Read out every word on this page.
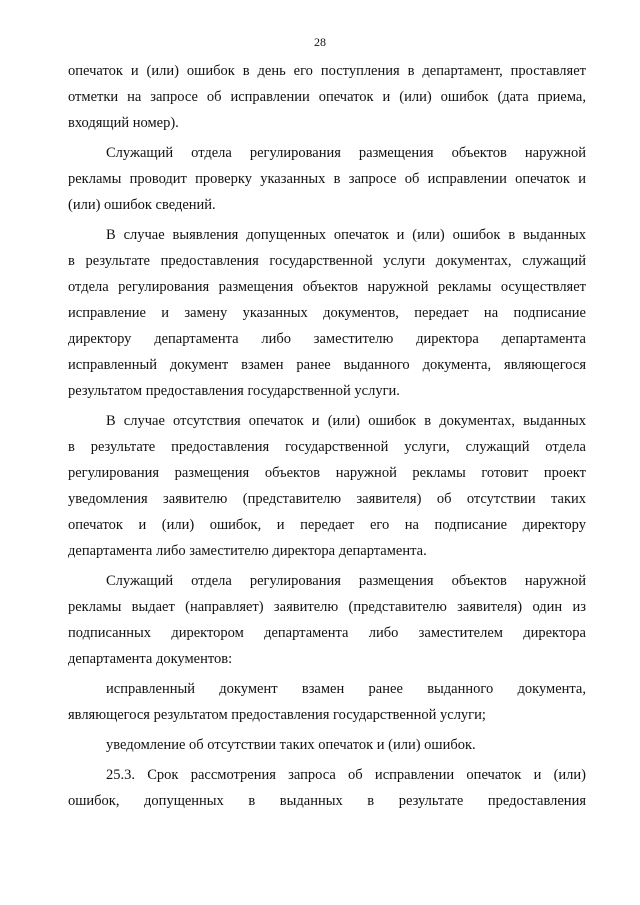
28
опечаток и (или) ошибок в день его поступления в департамент, проставляет
отметки на запросе об исправлении опечаток и (или) ошибок (дата приема,
входящий номер).
Служащий отдела регулирования размещения объектов наружной
рекламы проводит проверку указанных в запросе об исправлении опечаток и
(или) ошибок сведений.
В случае выявления допущенных опечаток и (или) ошибок в выданных
в результате предоставления государственной услуги документах, служащий
отдела регулирования размещения объектов наружной рекламы осуществляет
исправление и замену указанных документов, передает на подписание
директору департамента либо заместителю директора департамента
исправленный документ взамен ранее выданного документа, являющегося
результатом предоставления государственной услуги.
В случае отсутствия опечаток и (или) ошибок в документах, выданных
в результате предоставления государственной услуги, служащий отдела
регулирования размещения объектов наружной рекламы готовит проект
уведомления заявителю (представителю заявителя) об отсутствии таких
опечаток и (или) ошибок, и передает его на подписание директору
департамента либо заместителю директора департамента.
Служащий отдела регулирования размещения объектов наружной
рекламы выдает (направляет) заявителю (представителю заявителя) один из
подписанных директором департамента либо заместителем директора
департамента документов:
исправленный документ взамен ранее выданного документа,
являющегося результатом предоставления государственной услуги;
уведомление об отсутствии таких опечаток и (или) ошибок.
25.3. Срок рассмотрения запроса об исправлении опечаток и (или)
ошибок, допущенных в выданных в результате предоставления
